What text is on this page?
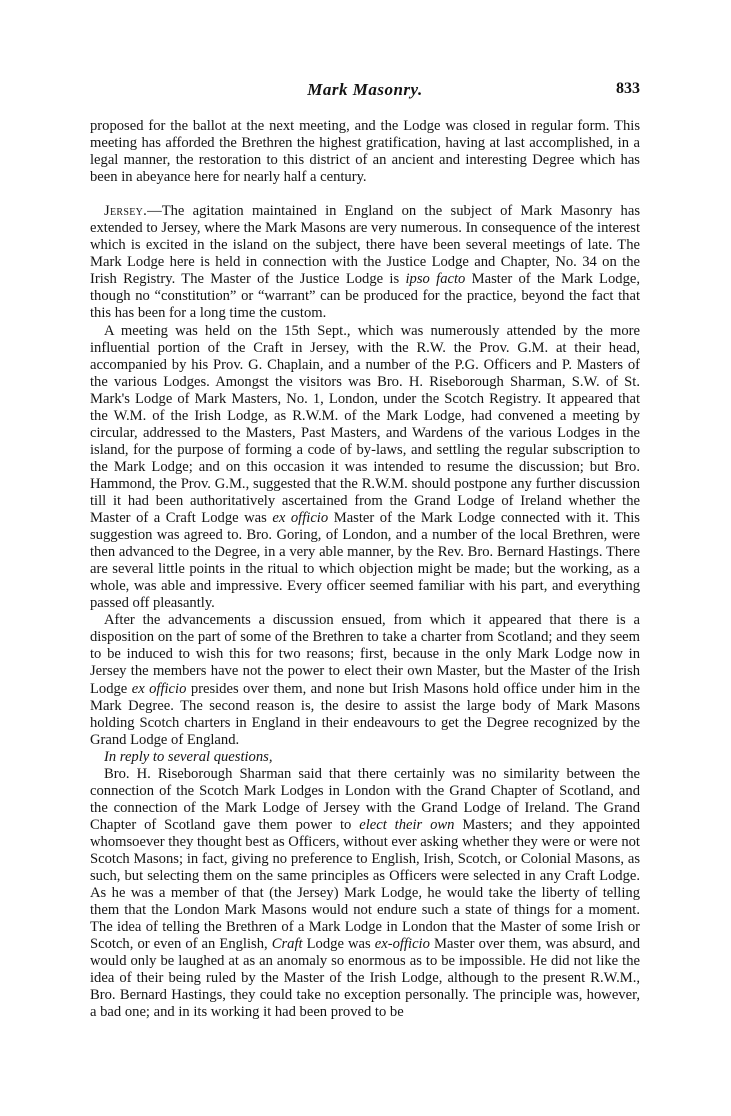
Mark Masonry.	833

proposed for the ballot at the next meeting, and the Lodge was closed in regular form. This meeting has afforded the Brethren the highest gratification, having at last accomplished, in a legal manner, the restoration to this district of an ancient and interesting Degree which has been in abeyance here for nearly half a century.

Jersey.—The agitation maintained in England on the subject of Mark Masonry has extended to Jersey, where the Mark Masons are very numerous. In consequence of the interest which is excited in the island on the subject, there have been several meetings of late. The Mark Lodge here is held in connection with the Justice Lodge and Chapter, No. 34 on the Irish Registry. The Master of the Justice Lodge is ipso facto Master of the Mark Lodge, though no “constitution” or “warrant” can be produced for the practice, beyond the fact that this has been for a long time the custom.

A meeting was held on the 15th Sept., which was numerously attended by the more influential portion of the Craft in Jersey, with the R.W. the Prov. G.M. at their head, accompanied by his Prov. G. Chaplain, and a number of the P.G. Officers and P. Masters of the various Lodges. Amongst the visitors was Bro. H. Riseborough Sharman, S.W. of St. Mark's Lodge of Mark Masters, No. 1, London, under the Scotch Registry. It appeared that the W.M. of the Irish Lodge, as R.W.M. of the Mark Lodge, had convened a meeting by circular, addressed to the Masters, Past Masters, and Wardens of the various Lodges in the island, for the purpose of forming a code of by-laws, and settling the regular subscription to the Mark Lodge; and on this occasion it was intended to resume the discussion; but Bro. Hammond, the Prov. G.M., suggested that the R.W.M. should postpone any further discussion till it had been authoritatively ascertained from the Grand Lodge of Ireland whether the Master of a Craft Lodge was ex officio Master of the Mark Lodge connected with it. This suggestion was agreed to. Bro. Goring, of London, and a number of the local Brethren, were then advanced to the Degree, in a very able manner, by the Rev. Bro. Bernard Hastings. There are several little points in the ritual to which objection might be made; but the working, as a whole, was able and impressive. Every officer seemed familiar with his part, and everything passed off pleasantly.

After the advancements a discussion ensued, from which it appeared that there is a disposition on the part of some of the Brethren to take a charter from Scotland; and they seem to be induced to wish this for two reasons; first, because in the only Mark Lodge now in Jersey the members have not the power to elect their own Master, but the Master of the Irish Lodge ex officio presides over them, and none but Irish Masons hold office under him in the Mark Degree. The second reason is, the desire to assist the large body of Mark Masons holding Scotch charters in England in their endeavours to get the Degree recognized by the Grand Lodge of England.

In reply to several questions,

Bro. H. Riseborough Sharman said that there certainly was no similarity between the connection of the Scotch Mark Lodges in London with the Grand Chapter of Scotland, and the connection of the Mark Lodge of Jersey with the Grand Lodge of Ireland. The Grand Chapter of Scotland gave them power to elect their own Masters; and they appointed whomsoever they thought best as Officers, without ever asking whether they were or were not Scotch Masons; in fact, giving no preference to English, Irish, Scotch, or Colonial Masons, as such, but selecting them on the same principles as Officers were selected in any Craft Lodge. As he was a member of that (the Jersey) Mark Lodge, he would take the liberty of telling them that the London Mark Masons would not endure such a state of things for a moment. The idea of telling the Brethren of a Mark Lodge in London that the Master of some Irish or Scotch, or even of an English, Craft Lodge was ex-officio Master over them, was absurd, and would only be laughed at as an anomaly so enormous as to be impossible. He did not like the idea of their being ruled by the Master of the Irish Lodge, although to the present R.W.M., Bro. Bernard Hastings, they could take no exception personally. The principle was, however, a bad one; and in its working it had been proved to be
